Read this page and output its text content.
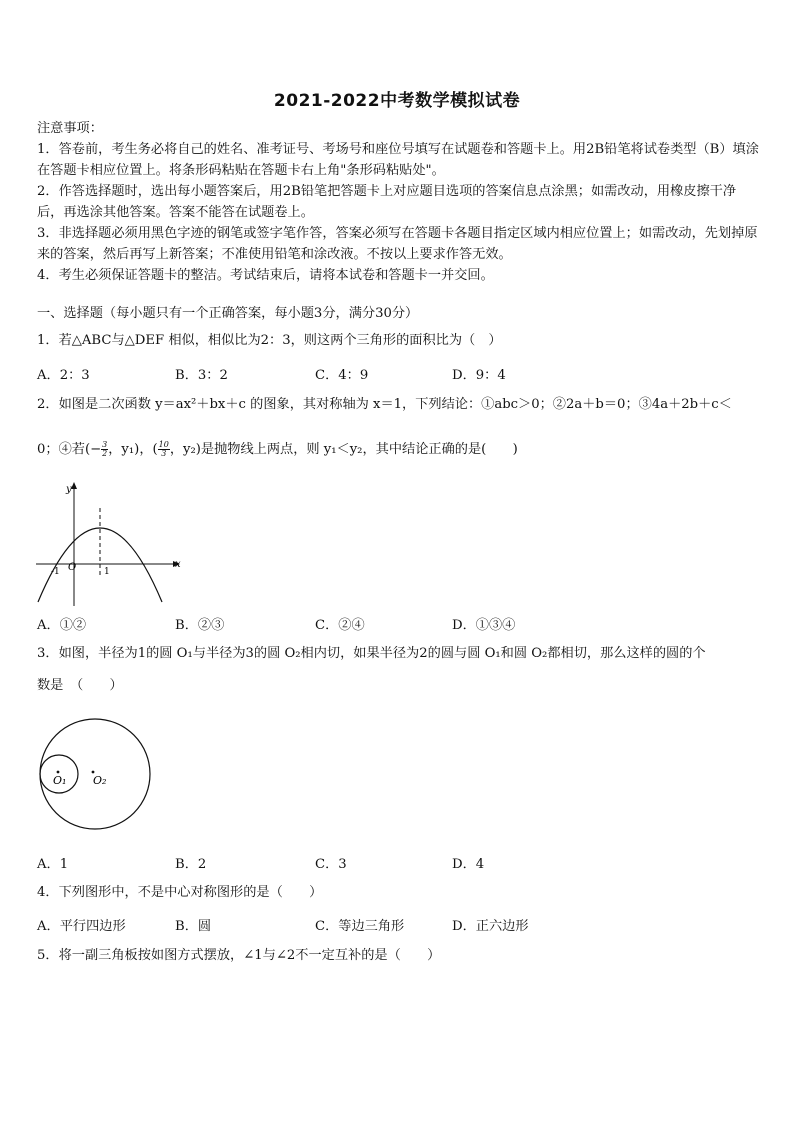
2021-2022中考数学模拟试卷

注意事项：

1．答卷前，考生务必将自己的姓名、准考证号、考场号和座位号填写在试题卷和答题卡上。用2B铅笔将试卷类型（B）填涂在答题卡相应位置上。将条形码粘贴在答题卡右上角"条形码粘贴处"。

2．作答选择题时，选出每小题答案后，用2B铅笔把答题卡上对应题目选项的答案信息点涂黑；如需改动，用橡皮擦干净后，再选涂其他答案。答案不能答在试题卷上。

3．非选择题必须用黑色字迹的钢笔或签字笔作答，答案必须写在答题卡各题目指定区域内相应位置上；如需改动，先划掉原来的答案，然后再写上新答案；不准使用铅笔和涂改液。不按以上要求作答无效。

4．考生必须保证答题卡的整洁。考试结束后，请将本试卷和答题卡一并交回。

一、选择题（每小题只有一个正确答案，每小题3分，满分30分）
1．若△ABC与△DEF 相似，相似比为2：3，则这两个三角形的面积比为（　）
A．2：3	B．3：2	C．4：9	D．9：4
2．如图是二次函数 y＝ax²＋bx＋c 的图象，其对称轴为 x＝1，下列结论：①abc＞0；②2a＋b＝0；③4a＋2b＋c＜
0；④若(− $\frac{3}{2}$ ，y₁)，( $\frac{10}{3}$ ，y₂)是抛物线上两点，则 y₁＜y₂，其中结论正确的是(　　)
y
x
O
-1	1
A．①②	B．②③	C．②④	D．①③④
3．如图，半径为1的圆 O₁与半径为3的圆 O₂相内切，如果半径为2的圆与圆 O₁和圆 O₂都相切，那么这样的圆的个
数是　（　　）
O₁ O₂
A．1	B．2	C．3	D．4
4．下列图形中，不是中心对称图形的是（　　）
A．平行四边形	B．圆	C．等边三角形	D．正六边形
5．将一副三角板按如图方式摆放，∠1与∠2不一定互补的是（　　）
